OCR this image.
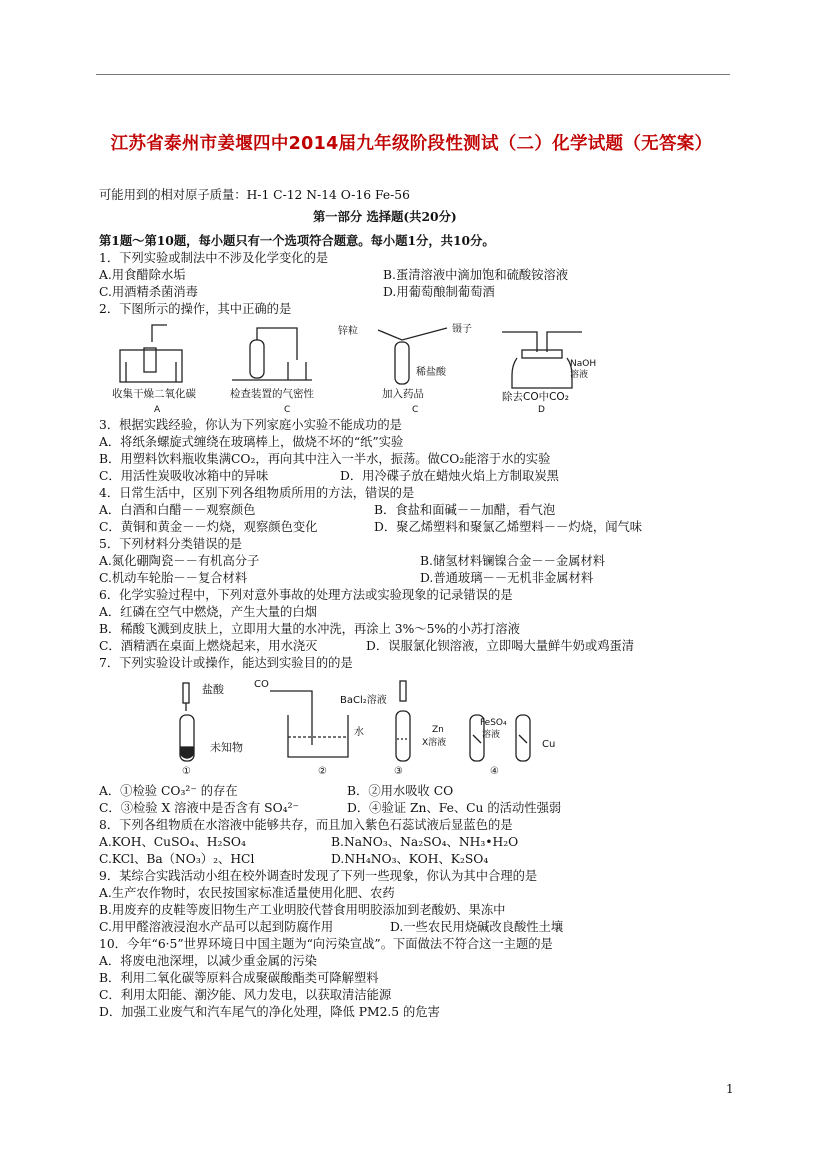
江苏省泰州市姜堰四中2014届九年级阶段性测试（二）化学试题（无答案）
可能用到的相对原子质量：H-1 C-12 N-14 O-16 Fe-56
第一部分 选择题(共20分)
第1题～第10题，每小题只有一个选项符合题意。每小题1分，共10分。
1．下列实验或制法中不涉及化学变化的是
A.用食醋除水垢	B.蛋清溶液中滴加饱和硫酸铵溶液
C.用酒精杀菌消毒	D.用葡萄酿制葡萄酒
2．下图所示的操作，其中正确的是
收集干燥二氧化碳
A
检查装置的气密性
C
锌粒	镊子
稀盐酸
加入药品
C
NaOH
溶液
除去CO中CO₂
D
3．根据实践经验，你认为下列家庭小实验不能成功的是
A．将纸条螺旋式缠绕在玻璃棒上，做烧不坏的“纸”实验
B．用塑料饮料瓶收集满CO₂，再向其中注入一半水，振荡。做CO₂能溶于水的实验
C．用活性炭吸收冰箱中的异味	D．用冷碟子放在蜡烛火焰上方制取炭黑
4．日常生活中，区别下列各组物质所用的方法，错误的是
A．白酒和白醋－－观察颜色	B．食盐和面碱－－加醋，看气泡
C．黄铜和黄金－－灼烧，观察颜色变化	D．聚乙烯塑料和聚氯乙烯塑料－－灼烧，闻气味
5．下列材料分类错误的是
A.氮化硼陶瓷－－有机高分子	B.储氢材料镧镍合金－－金属材料
C.机动车轮胎－－复合材料	D.普通玻璃－－无机非金属材料
6．化学实验过程中，下列对意外事故的处理方法或实验现象的记录错误的是
A．红磷在空气中燃烧，产生大量的白烟
B．稀酸飞溅到皮肤上，立即用大量的水冲洗，再涂上 3%～5%的小苏打溶液
C．酒精洒在桌面上燃烧起来，用水浇灭	D．误服氯化钡溶液，立即喝大量鲜牛奶或鸡蛋清
7．下列实验设计或操作，能达到实验目的的是
盐酸
未知物
①
CO
水
②
BaCl₂溶液
③
X溶液
Zn
FeSO₄
溶液
Cu
④
A．①检验 CO₃²⁻ 的存在	B．②用水吸收 CO
C．③检验 X 溶液中是否含有 SO₄²⁻	D．④验证 Zn、Fe、Cu 的活动性强弱
8．下列各组物质在水溶液中能够共存，而且加入紫色石蕊试液后显蓝色的是
A.KOH、CuSO₄、H₂SO₄	B.NaNO₃、Na₂SO₄、NH₃•H₂O
C.KCl、Ba（NO₃）₂、HCl	D.NH₄NO₃、KOH、K₂SO₄
9．某综合实践活动小组在校外调查时发现了下列一些现象，你认为其中合理的是
A.生产农作物时，农民按国家标准适量使用化肥、农药
B.用废弃的皮鞋等废旧物生产工业明胶代替食用明胶添加到老酸奶、果冻中
C.用甲醛溶液浸泡水产品可以起到防腐作用	D.一些农民用烧碱改良酸性土壤
10．今年“6·5”世界环境日中国主题为“向污染宣战”。下面做法不符合这一主题的是
A．将废电池深埋，以减少重金属的污染
B．利用二氧化碳等原料合成聚碳酸酯类可降解塑料
C．利用太阳能、潮汐能、风力发电，以获取清洁能源
D．加强工业废气和汽车尾气的净化处理，降低 PM2.5 的危害
1
